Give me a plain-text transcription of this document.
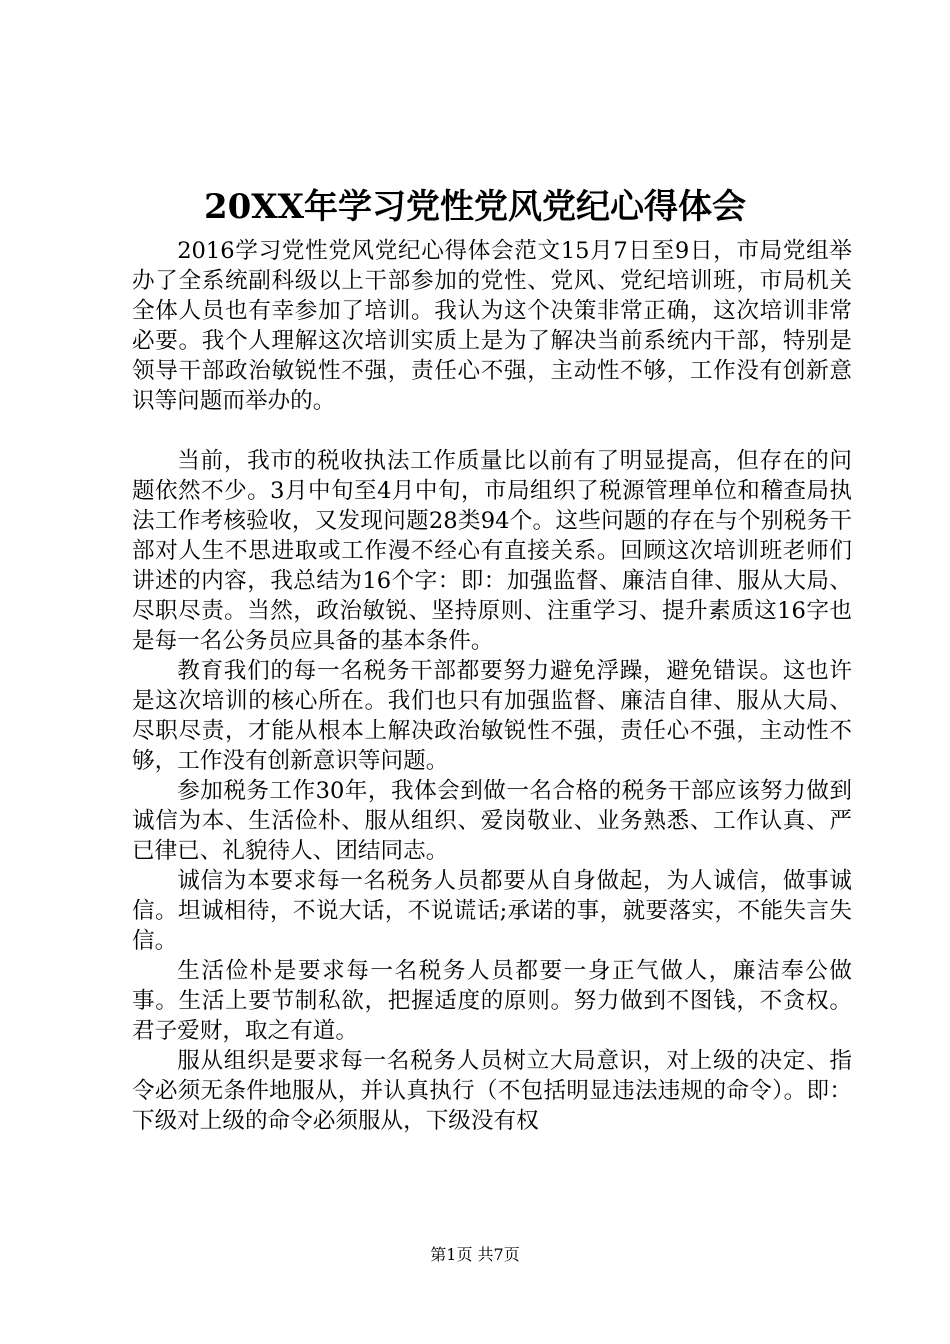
20XX年学习党性党风党纪心得体会

2016学习党性党风党纪心得体会范文15月7日至9日，市局党组举办了全系统副科级以上干部参加的党性、党风、党纪培训班，市局机关全体人员也有幸参加了培训。我认为这个决策非常正确，这次培训非常必要。我个人理解这次培训实质上是为了解决当前系统内干部，特别是领导干部政治敏锐性不强，责任心不强，主动性不够，工作没有创新意识等问题而举办的。

当前，我市的税收执法工作质量比以前有了明显提高，但存在的问题依然不少。3月中旬至4月中旬，市局组织了税源管理单位和稽查局执法工作考核验收，又发现问题28类94个。这些问题的存在与个别税务干部对人生不思进取或工作漫不经心有直接关系。回顾这次培训班老师们讲述的内容，我总结为16个字：即：加强监督、廉洁自律、服从大局、尽职尽责。当然，政治敏锐、坚持原则、注重学习、提升素质这16字也是每一名公务员应具备的基本条件。

教育我们的每一名税务干部都要努力避免浮躁，避免错误。这也许是这次培训的核心所在。我们也只有加强监督、廉洁自律、服从大局、尽职尽责，才能从根本上解决政治敏锐性不强，责任心不强，主动性不够，工作没有创新意识等问题。

参加税务工作30年，我体会到做一名合格的税务干部应该努力做到诚信为本、生活俭朴、服从组织、爱岗敬业、业务熟悉、工作认真、严已律已、礼貌待人、团结同志。

诚信为本要求每一名税务人员都要从自身做起，为人诚信，做事诚信。坦诚相待，不说大话，不说谎话;承诺的事，就要落实，不能失言失信。

生活俭朴是要求每一名税务人员都要一身正气做人，廉洁奉公做事。生活上要节制私欲，把握适度的原则。努力做到不图钱，不贪权。君子爱财，取之有道。

服从组织是要求每一名税务人员树立大局意识，对上级的决定、指令必须无条件地服从，并认真执行（不包括明显违法违规的命令）。即：下级对上级的命令必须服从，下级没有权

第1页 共7页
